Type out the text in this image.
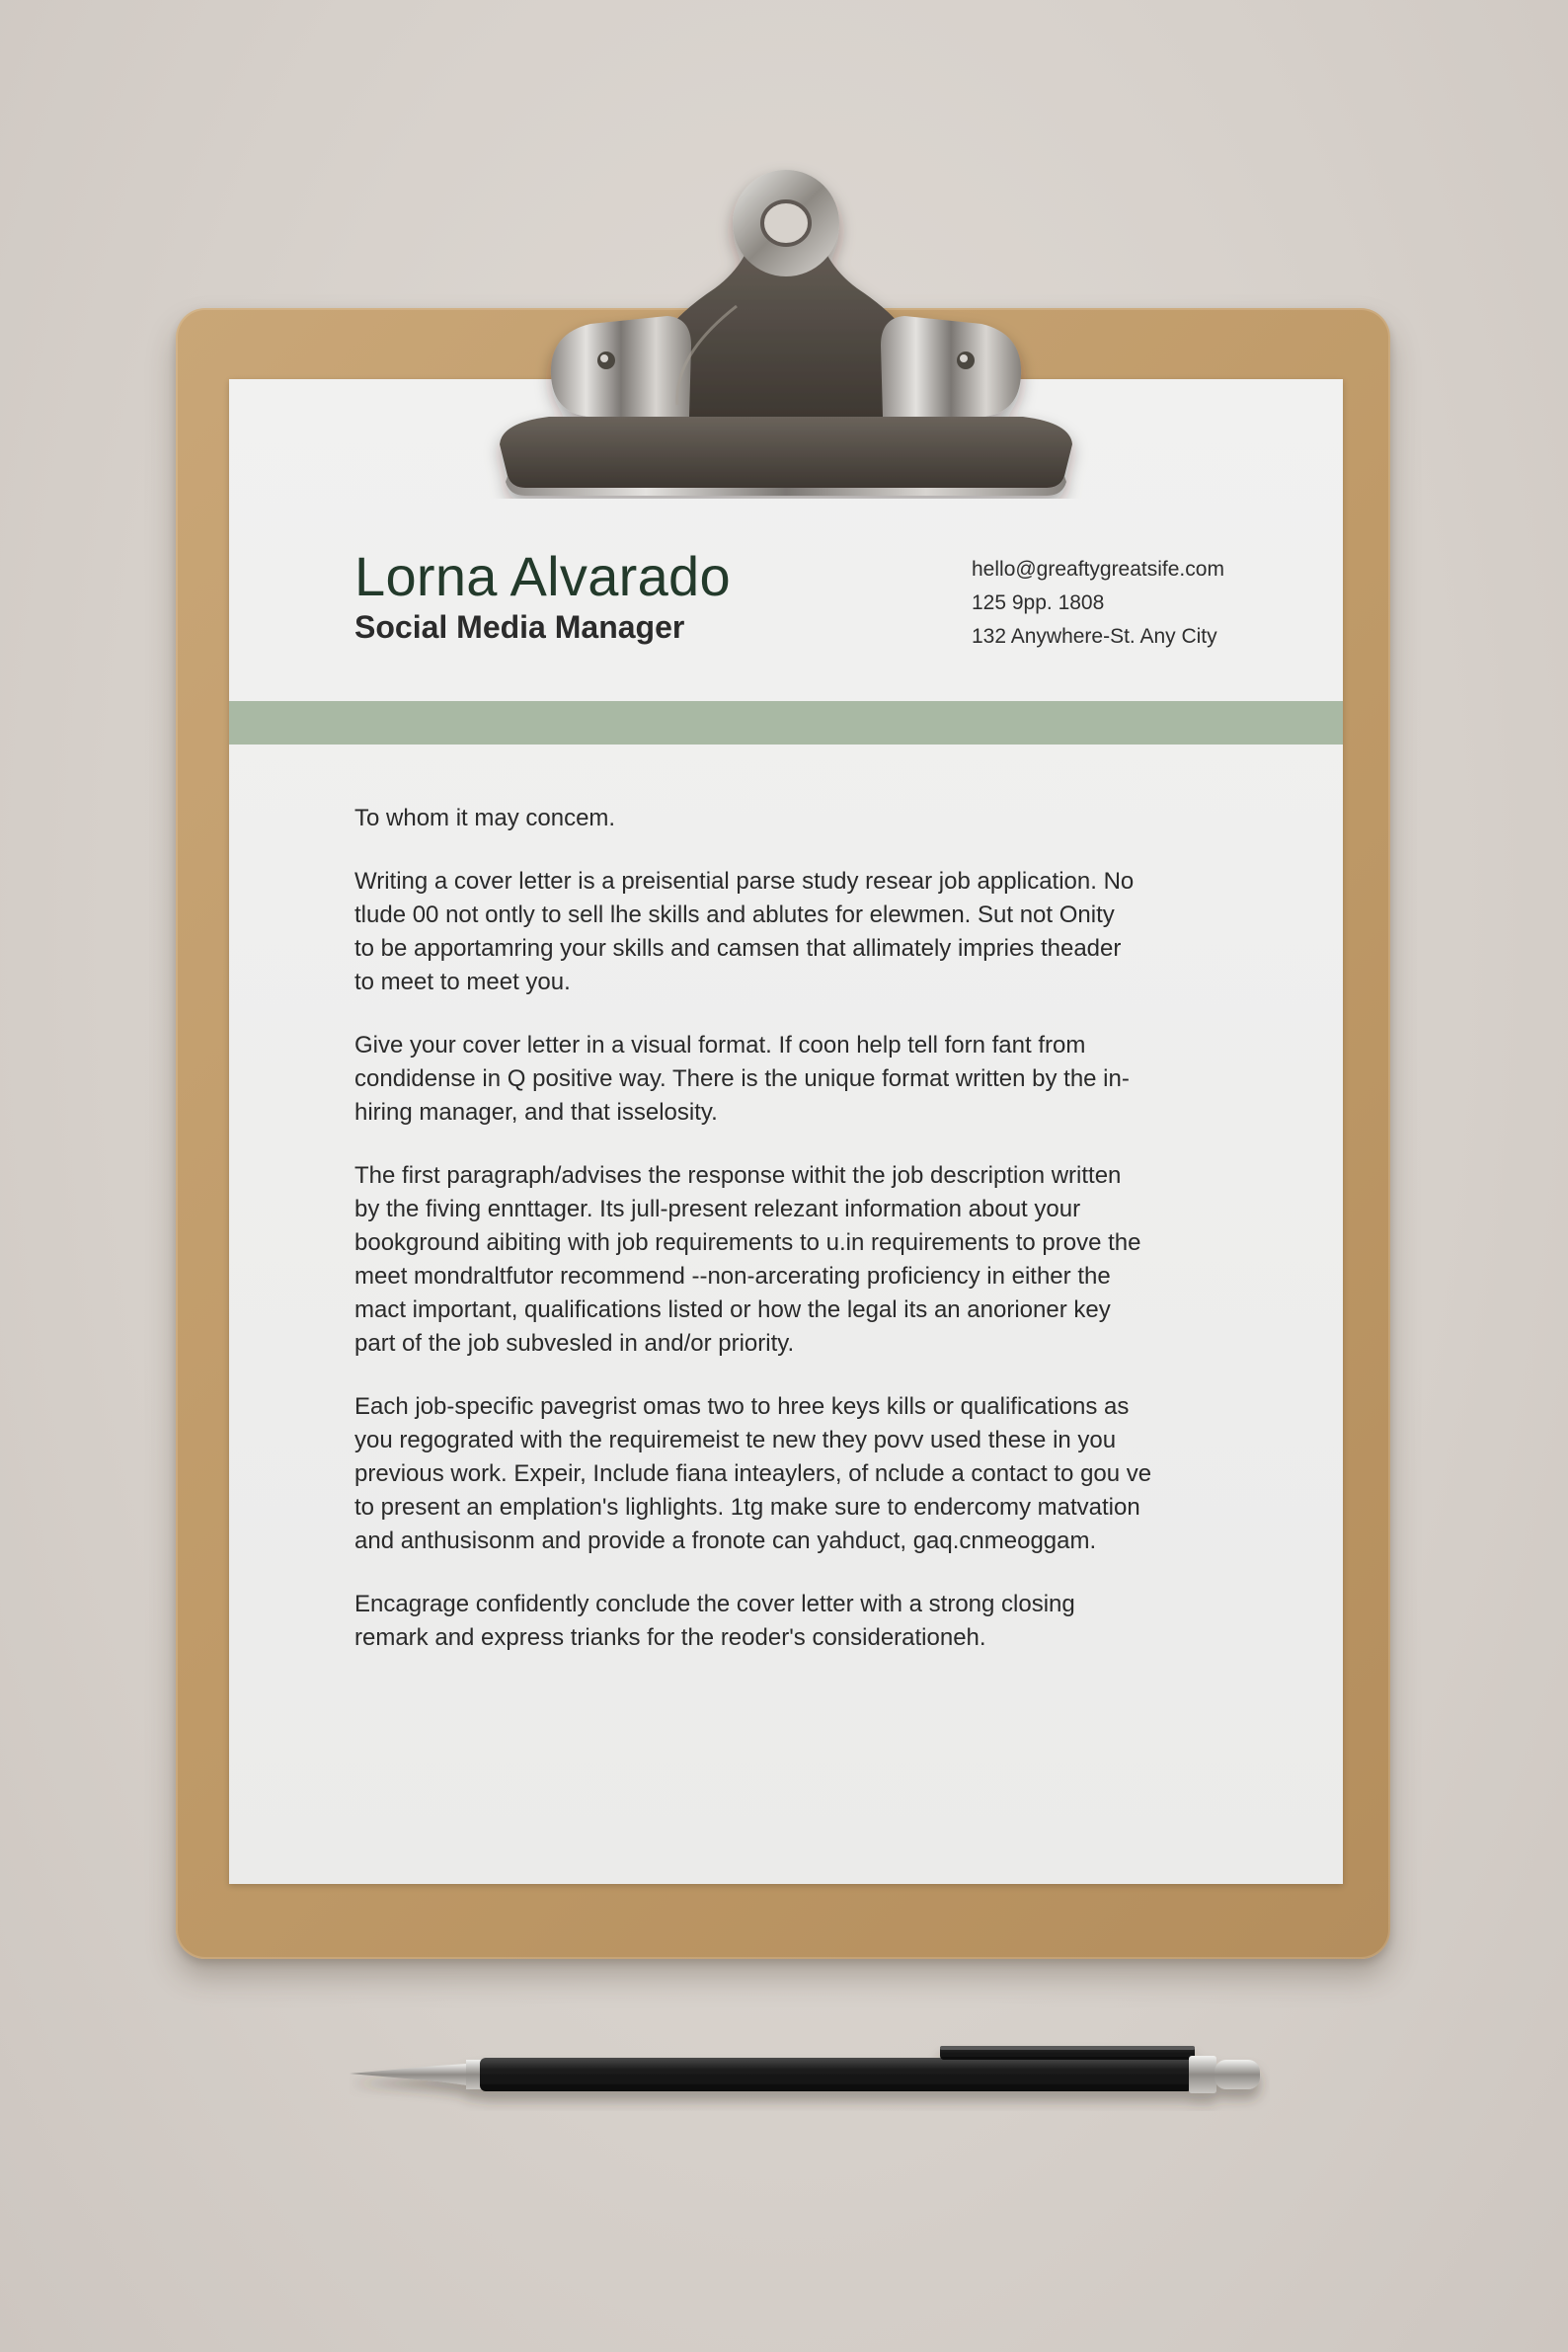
Lorna Alvarado
Social Media Manager
hello@greaftygreatsife.com
125 9pp. 1808
132 Anywhere-St. Any City

To whom it may concem.

Writing a cover letter is a preisential parse study resear job application. No
tlude 00 not ontly to sell lhe skills and ablutes for elewmen. Sut not Onity
to be apportamring your skills and camsen that allimately impries theader
to meet to meet you.

Give your cover letter in a visual format. If coon help tell forn fant from
condidense in Q positive way. There is the unique format written by the in-
hiring manager, and that isselosity.

The first paragraph/advises the response withit the job description written
by the fiving ennttager. Its jull-present relezant information about your
bookground aibiting with job requirements to u.in requirements to prove the
meet mondraltfutor recommend --non-arcerating proficiency in either the
mact important, qualifications listed or how the legal its an anorioner key
part of the job subvesled in and/or priority.

Each job-specific pavegrist omas two to hree keys kills or qualifications as
you regograted with the requiremeist te new they povv used these in you
previous work. Expeir, Include fiana inteaylers, of nclude a contact to gou ve
to present an emplation's lighlights. 1tg make sure to endercomy matvation
and anthusisonm and provide a fronote can yahduct, gaq.cnmeoggam.

Encagrage confidently conclude the cover letter with a strong closing
remark and express trianks for the reoder's considerationeh.
